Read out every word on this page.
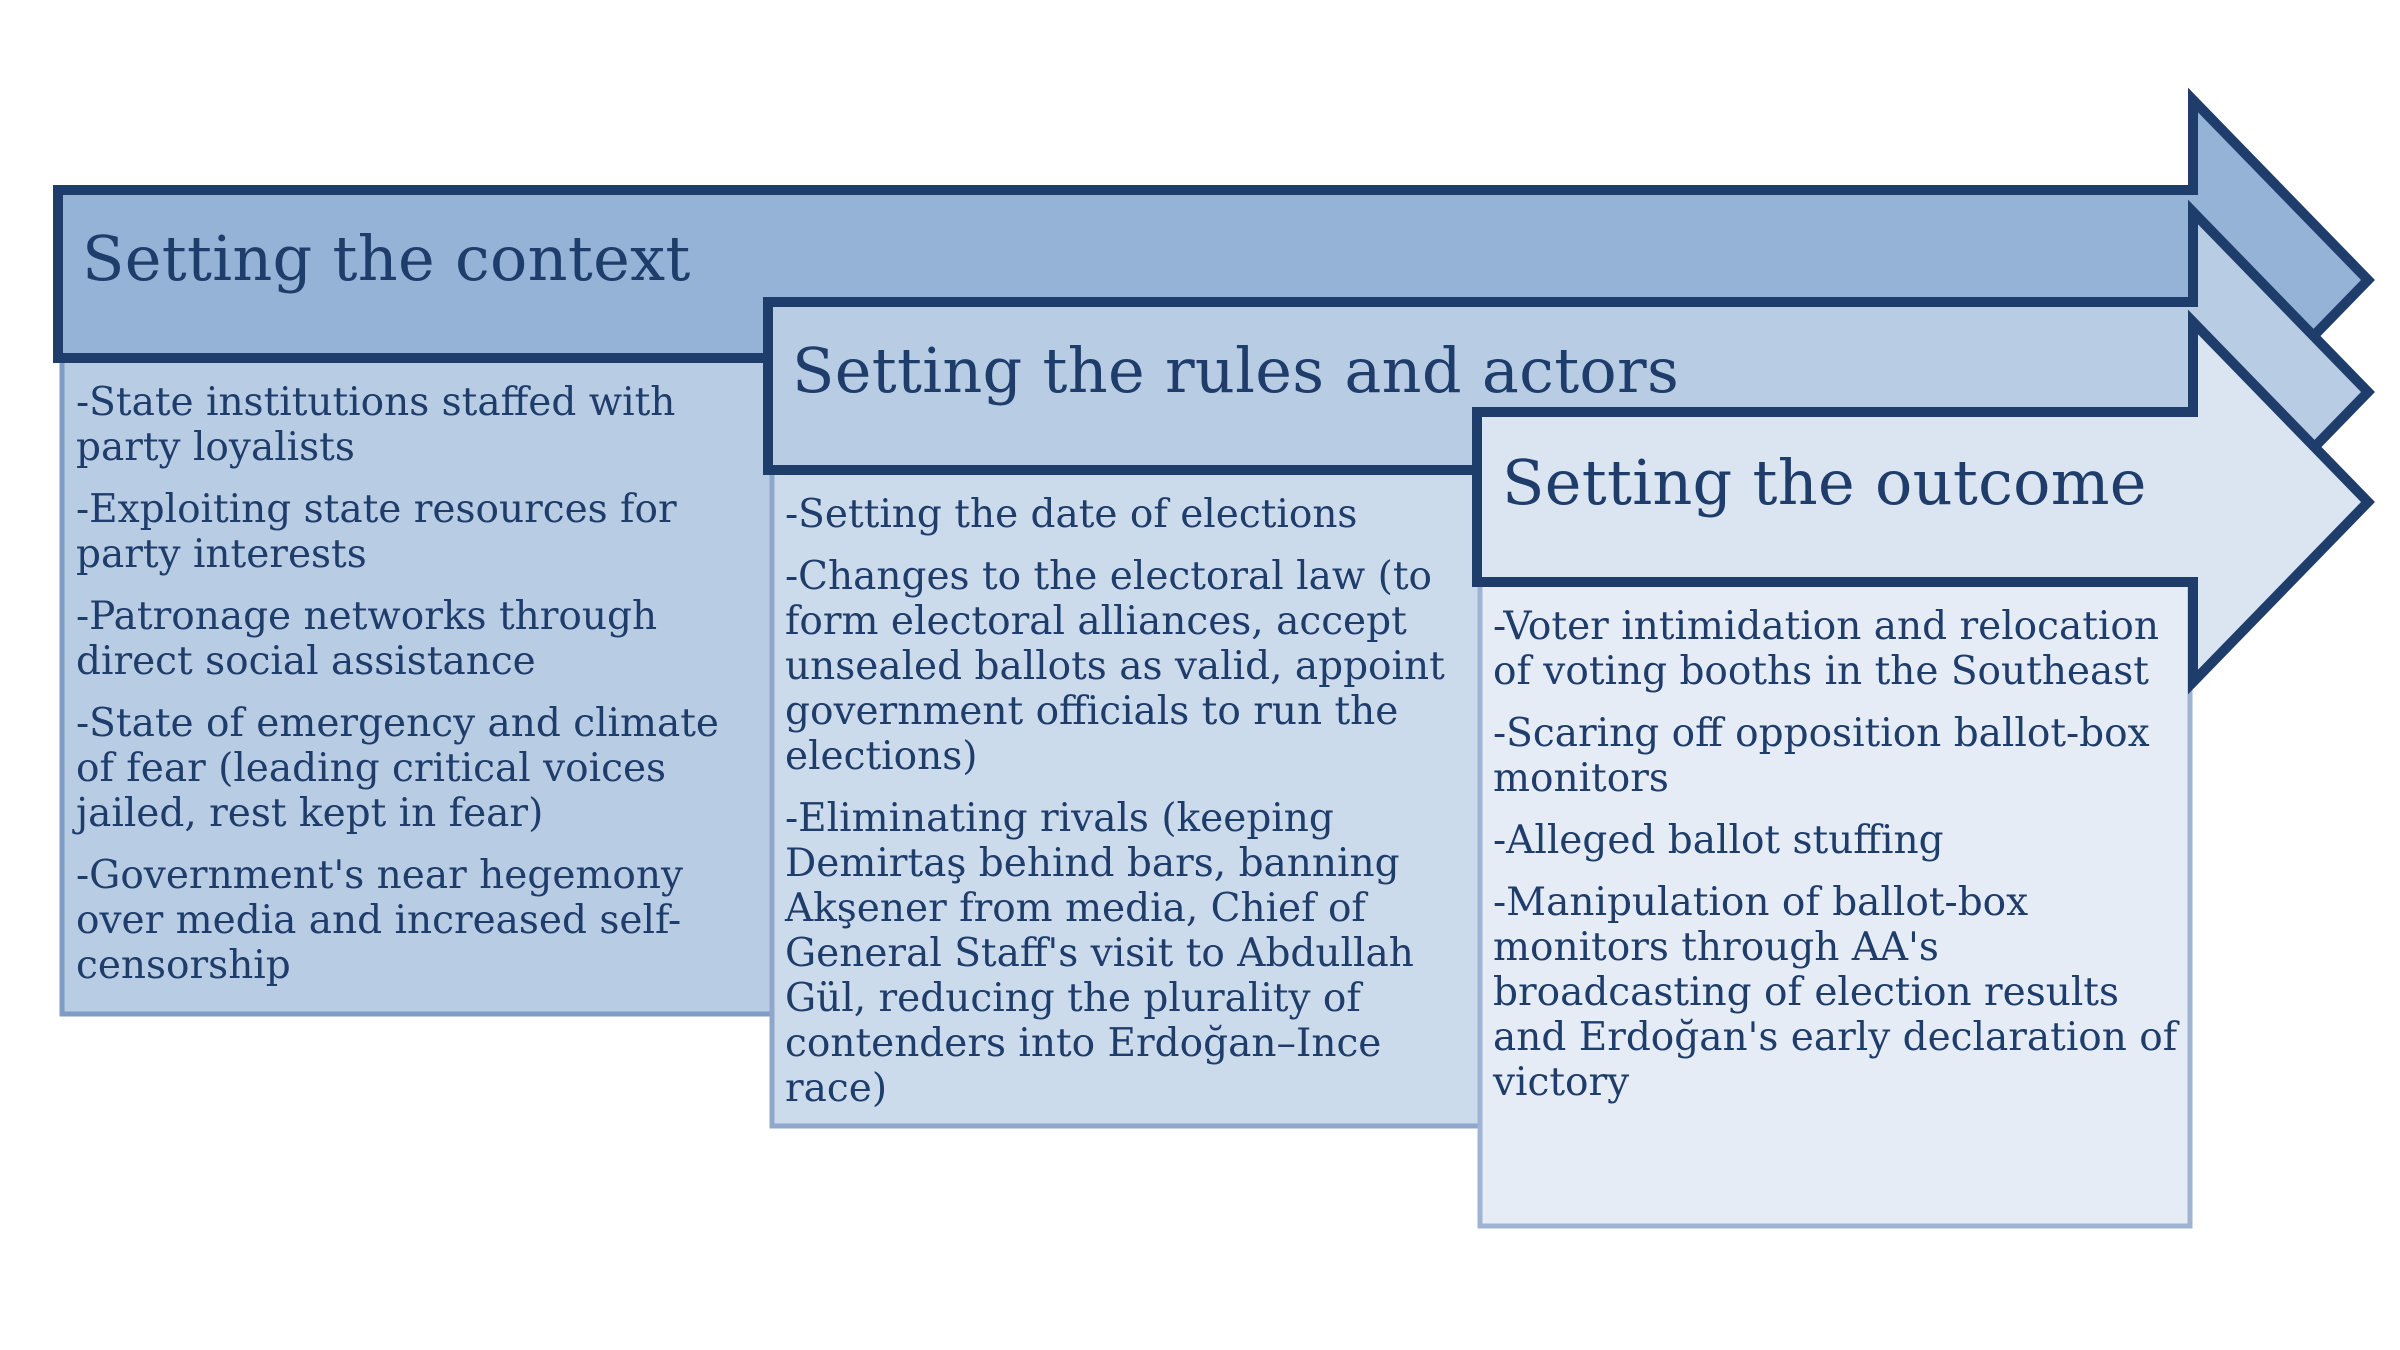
Setting the context
Setting the rules and actors
Setting the outcome
-State institutions staffed with party loyalists
-Exploiting state resources for party interests
-Patronage networks through direct social assistance
-State of emergency and climate of fear (leading critical voices jailed, rest kept in fear)
-Government's near hegemony over media and increased self-censorship
-Setting the date of elections
-Changes to the electoral law (to form electoral alliances, accept unsealed ballots as valid, appoint government officials to run the elections)
-Eliminating rivals (keeping Demirtaş behind bars, banning Akşener from media, Chief of General Staff's visit to Abdullah Gül, reducing the plurality of contenders into Erdoğan–Ince race)
-Voter intimidation and relocation of voting booths in the Southeast
-Scaring off opposition ballot-box monitors
-Alleged ballot stuffing
-Manipulation of ballot-box monitors through AA's broadcasting of election results and Erdoğan's early declaration of victory
